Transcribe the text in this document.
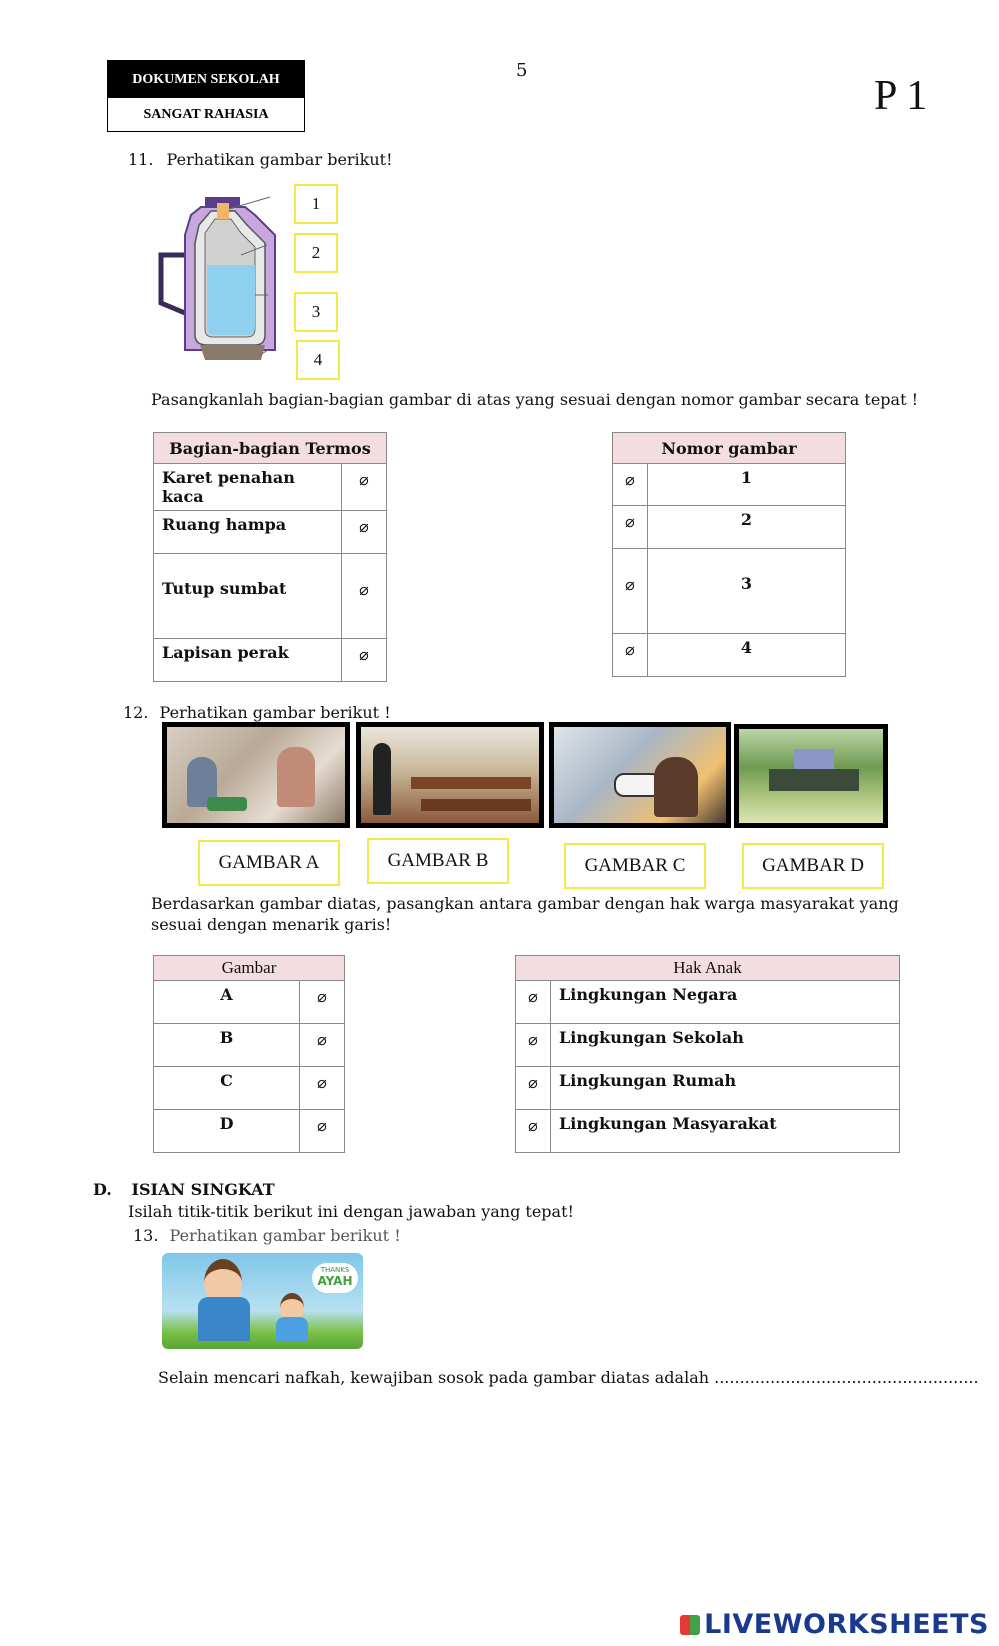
DOKUMEN SEKOLAH
SANGAT RAHASIA
5
P 1
11. Perhatikan gambar berikut!
1
2
3
4
Pasangkanlah bagian-bagian gambar di atas yang sesuai dengan nomor gambar secara tepat !
Bagian-bagian Termos	
Karet penahan kaca	⌀
Ruang hampa	⌀
Tutup sumbat	⌀
Lapisan perak	⌀
Nomor gambar	
⌀	1
⌀	2
⌀	3
⌀	4
12. Perhatikan gambar berikut !
GAMBAR A	GAMBAR B	GAMBAR C	GAMBAR D
Berdasarkan gambar diatas, pasangkan antara gambar dengan hak warga masyarakat yang sesuai dengan menarik garis!
Gambar	
A	⌀
B	⌀
C	⌀
D	⌀
Hak Anak	
⌀	Lingkungan Negara
⌀	Lingkungan Sekolah
⌀	Lingkungan Rumah
⌀	Lingkungan Masyarakat
D. ISIAN SINGKAT
Isilah titik-titik berikut ini dengan jawaban yang tepat!
13. Perhatikan gambar berikut !
THANKS
AYAH
Selain mencari nafkah, kewajiban sosok pada gambar diatas adalah ....................................................
LIVEWORKSHEETS
